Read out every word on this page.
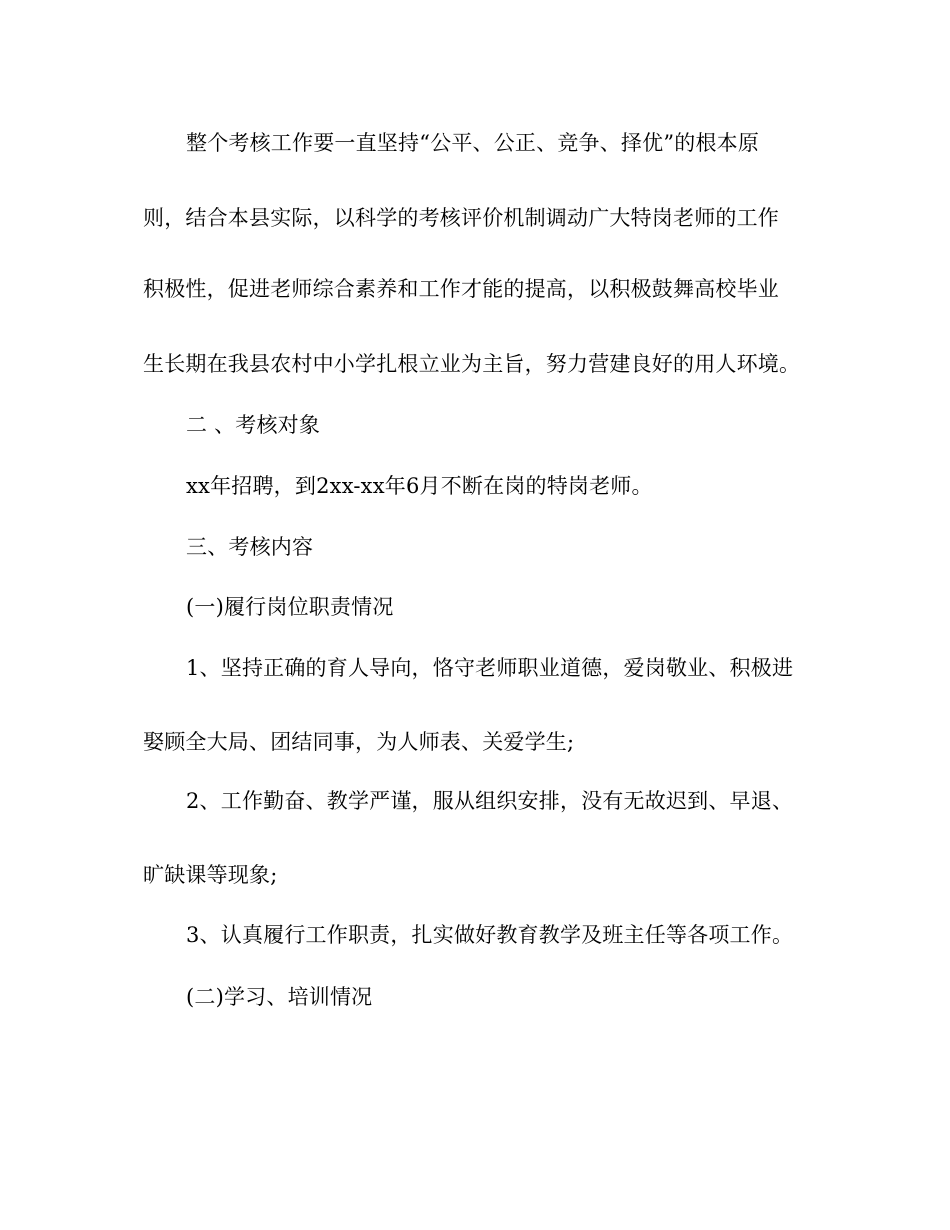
整个考核工作要一直坚持“公平、公正、竞争、择优”的根本原
则，结合本县实际，以科学的考核评价机制调动广大特岗老师的工作
积极性，促进老师综合素养和工作才能的提高，以积极鼓舞高校毕业
生长期在我县农村中小学扎根立业为主旨，努力营建良好的用人环境。
二 、考核对象
xx年招聘，到2xx-xx年6月不断在岗的特岗老师。
三、考核内容
(一)履行岗位职责情况
1、坚持正确的育人导向，恪守老师职业道德，爱岗敬业、积极进
娶顾全大局、团结同事，为人师表、关爱学生;
2、工作勤奋、教学严谨，服从组织安排，没有无故迟到、早退、
旷缺课等现象;
3、认真履行工作职责，扎实做好教育教学及班主任等各项工作。
(二)学习、培训情况
